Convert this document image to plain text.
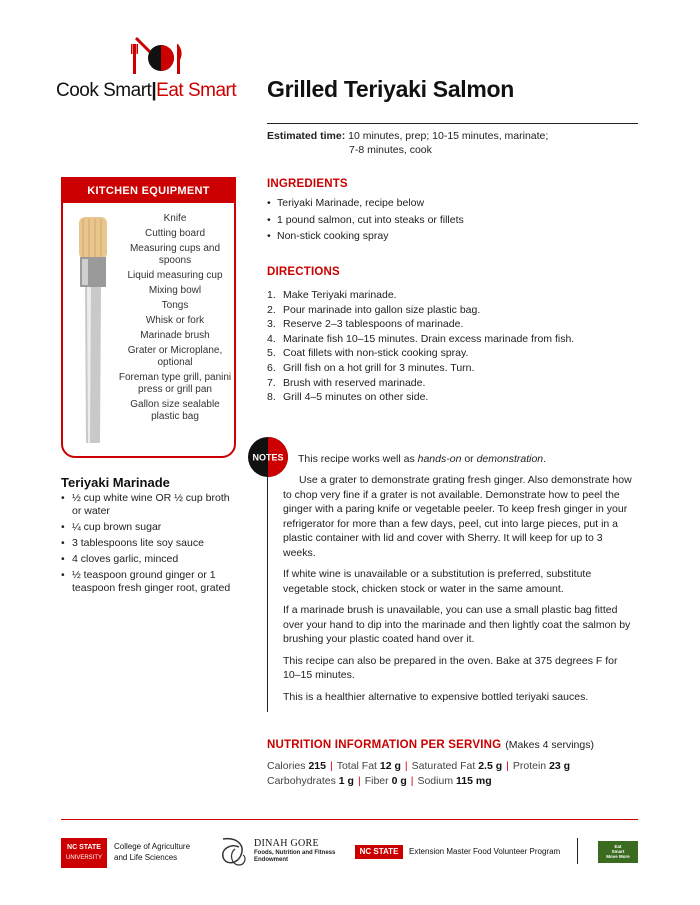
Cook Smart|Eat Smart Grilled Teriyaki Salmon
Estimated time: 10 minutes, prep; 10-15 minutes, marinate;
7-8 minutes, cook
KITCHEN EQUIPMENT NEEDED
Knife
Cutting board
Measuring cups and spoons
Liquid measuring cup
Mixing bowl
Tongs
Whisk or fork
Marinade brush
Grater or Microplane, optional
Foreman type grill, panini press or grill pan
Gallon size sealable plastic bag
Teriyaki Marinade
• ½ cup white wine OR ½ cup broth or water
• ¼ cup brown sugar
• 3 tablespoons lite soy sauce
• 4 cloves garlic, minced
• ½ teaspoon ground ginger or 1 teaspoon fresh ginger root, grated
INGREDIENTS
• Teriyaki Marinade, recipe below
• 1 pound salmon, cut into steaks or fillets
• Non-stick cooking spray
DIRECTIONS
1. Make Teriyaki marinade.
2. Pour marinade into gallon size plastic bag.
3. Reserve 2–3 tablespoons of marinade.
4. Marinate fish 10–15 minutes. Drain excess marinade from fish.
5. Coat fillets with non-stick cooking spray.
6. Grill fish on a hot grill for 3 minutes. Turn.
7. Brush with reserved marinade.
8. Grill 4–5 minutes on other side.
NOTES This recipe works well as hands-on or demonstration.

Use a grater to demonstrate grating fresh ginger. Also demonstrate how to chop very fine if a grater is not available. Demonstrate how to peel the ginger with a paring knife or vegetable peeler. To keep fresh ginger in your refrigerator for more than a few days, peel, cut into large pieces, put in a plastic container with lid and cover with Sherry. It will keep for up to 3 weeks.

If white wine is unavailable or a substitution is preferred, substitute vegetable stock, chicken stock or water in the same amount.

If a marinade brush is unavailable, you can use a small plastic bag fitted over your hand to dip into the marinade and then lightly coat the salmon by brushing your plastic coated hand over it.

This recipe can also be prepared in the oven. Bake at 375 degrees F for 10–15 minutes.

This is a healthier alternative to expensive bottled teriyaki sauces.

NUTRITION INFORMATION PER SERVING (Makes 4 servings)
Calories 215 | Total Fat 12 g | Saturated Fat 2.5 g | Protein 23 g
Carbohydrates 1 g | Fiber 0 g | Sodium 115 mg
NC STATE
UNIVERSITY
College of Agriculture
and Life Sciences
DINAH GORE
Foods, Nutrition and Fitness
Endowment
NC STATE	Extension Master Food Volunteer Program
Eat
Smart
Move More
